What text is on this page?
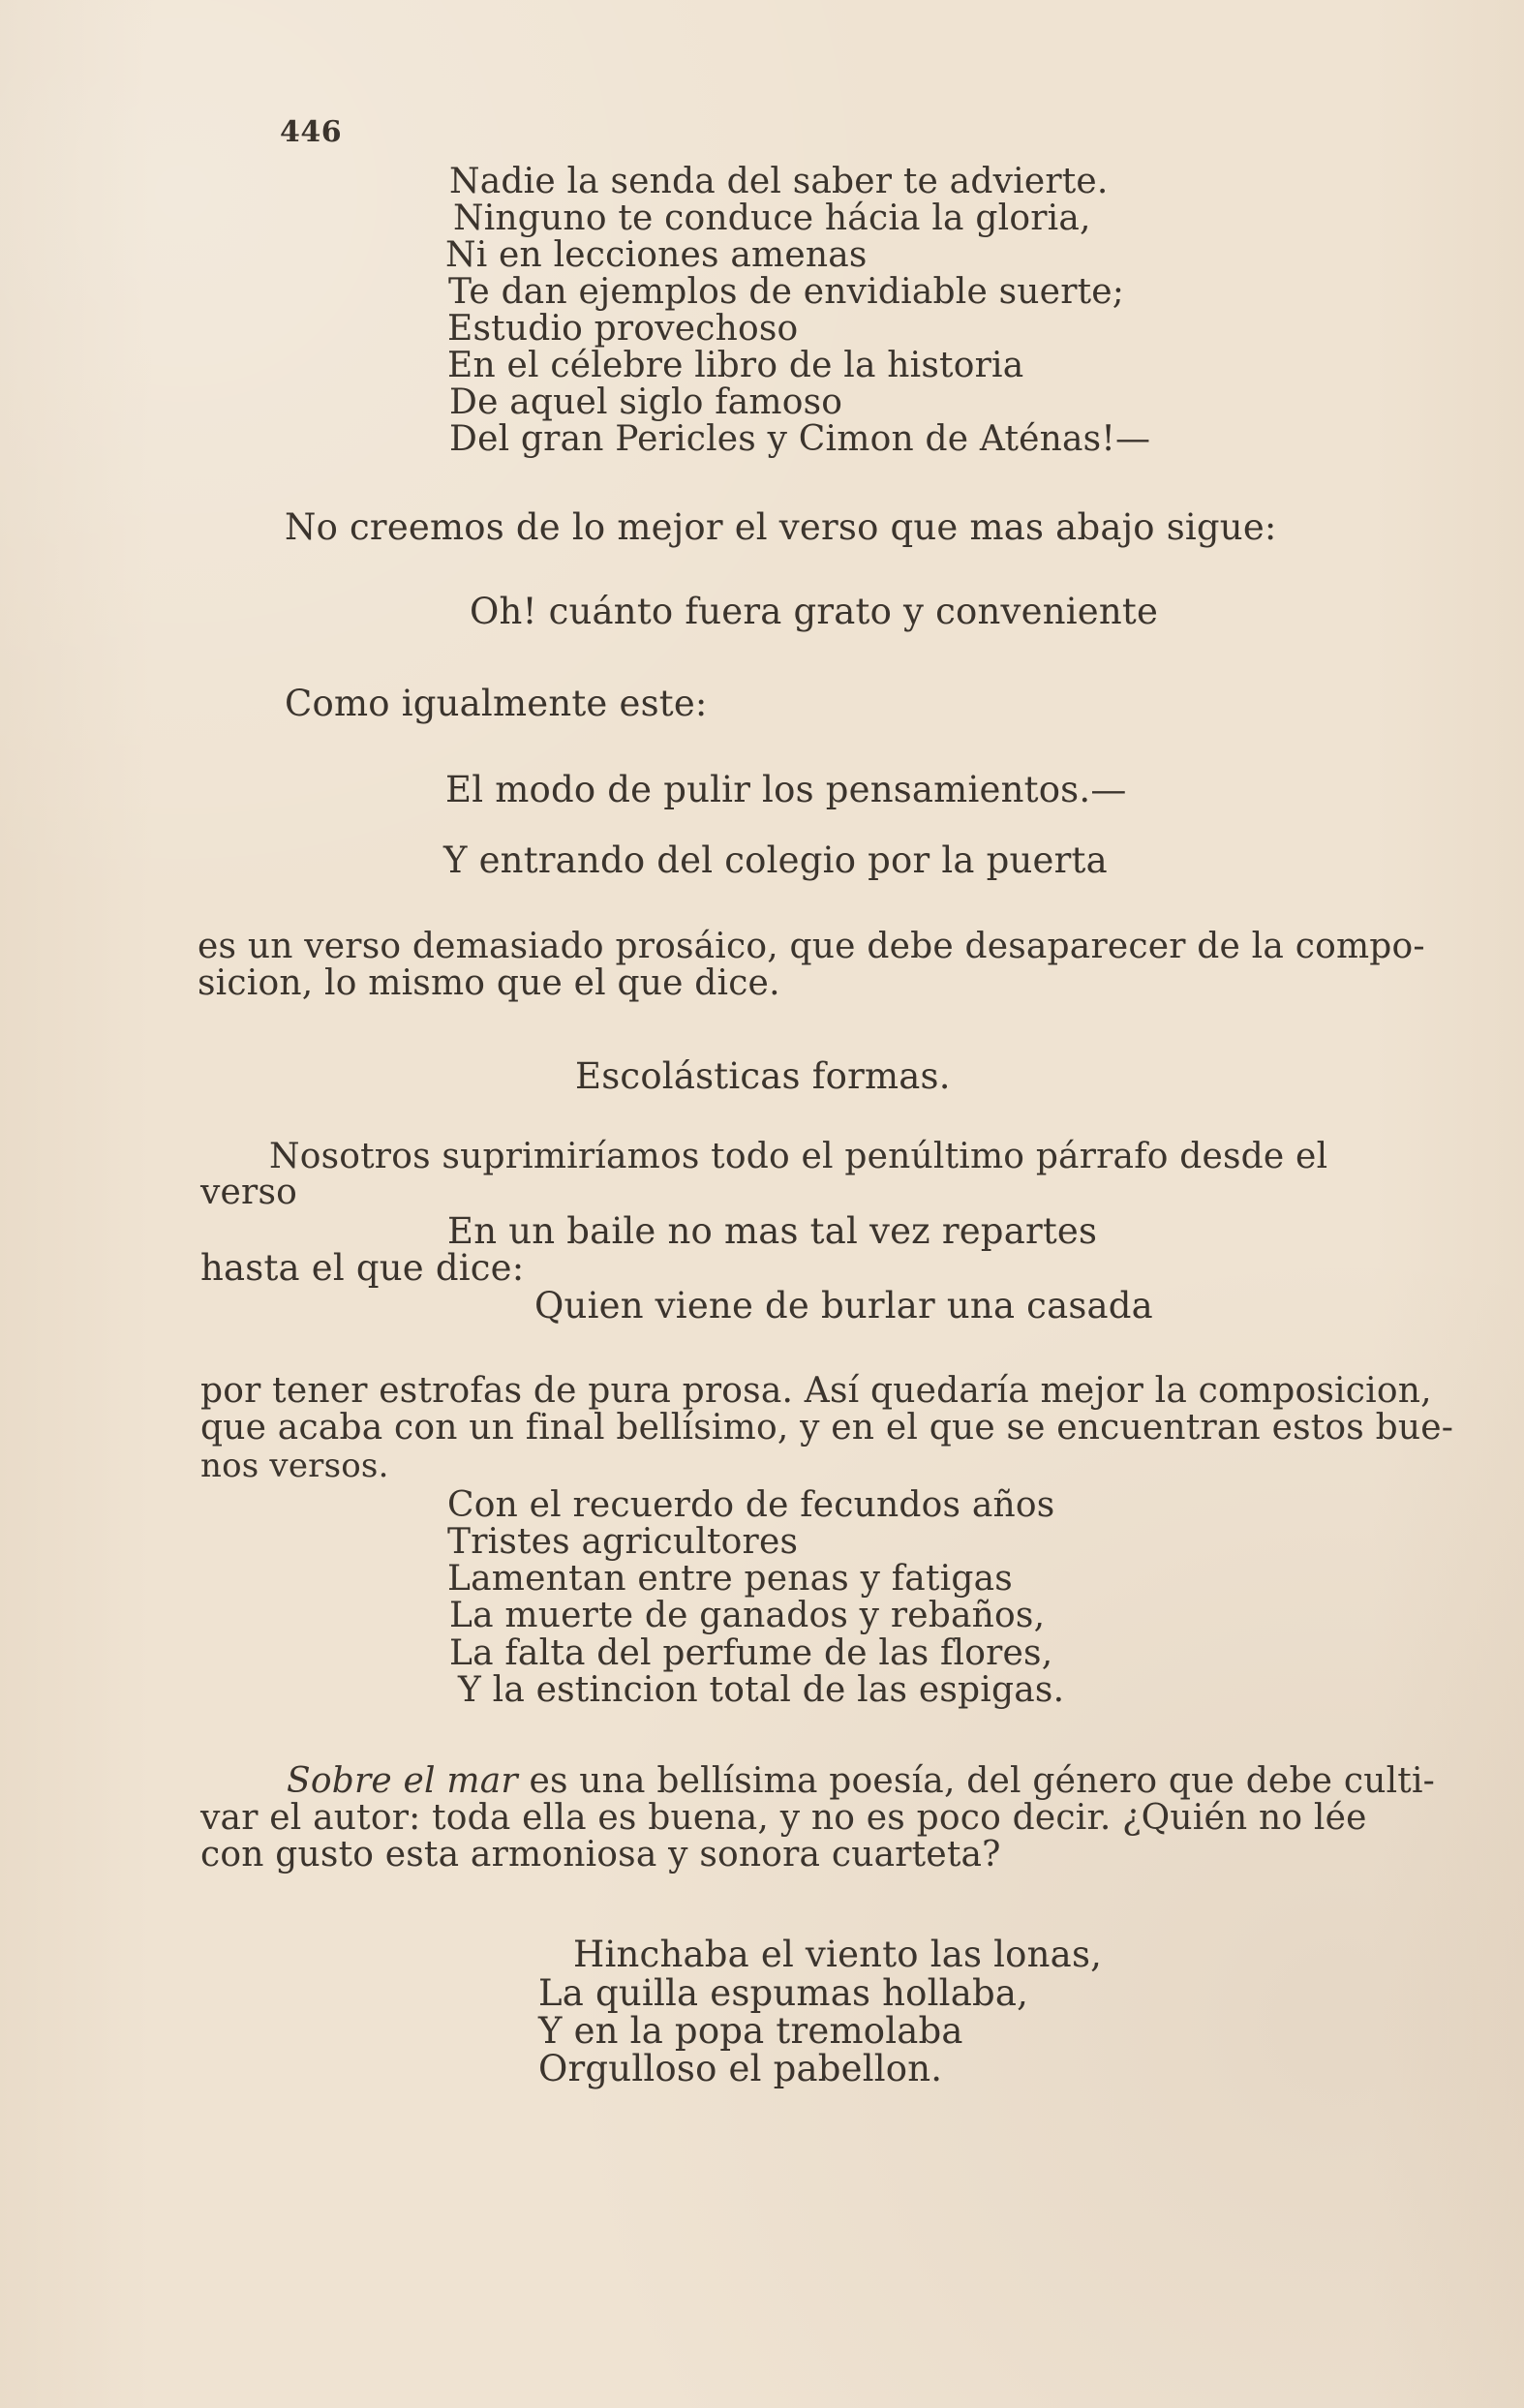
446
Nadie la senda del saber te advierte.
Ninguno te conduce hácia la gloria,
Ni en lecciones amenas
Te dan ejemplos de envidiable suerte;
Estudio provechoso
En el célebre libro de la historia
De aquel siglo famoso
Del gran Pericles y Cimon de Aténas!—
No creemos de lo mejor el verso que mas abajo sigue:
Oh! cuánto fuera grato y conveniente
Como igualmente este:
El modo de pulir los pensamientos.—
Y entrando del colegio por la puerta
es un verso demasiado prosáico, que debe desaparecer de la compo-
sicion, lo mismo que el que dice.
Escolásticas formas.
Nosotros suprimiríamos todo el penúltimo párrafo desde el
verso
En un baile no mas tal vez repartes
hasta el que dice:
Quien viene de burlar una casada
por tener estrofas de pura prosa. Así quedaría mejor la composicion,
que acaba con un final bellísimo, y en el que se encuentran estos bue-
nos versos.
Con el recuerdo de fecundos años
Tristes agricultores
Lamentan entre penas y fatigas
La muerte de ganados y rebaños,
La falta del perfume de las flores,
Y la estincion total de las espigas.
Sobre el mar es una bellísima poesía, del género que debe culti-
var el autor: toda ella es buena, y no es poco decir. ¿Quién no lée
con gusto esta armoniosa y sonora cuarteta?
Hinchaba el viento las lonas,
La quilla espumas hollaba,
Y en la popa tremolaba
Orgulloso el pabellon.
